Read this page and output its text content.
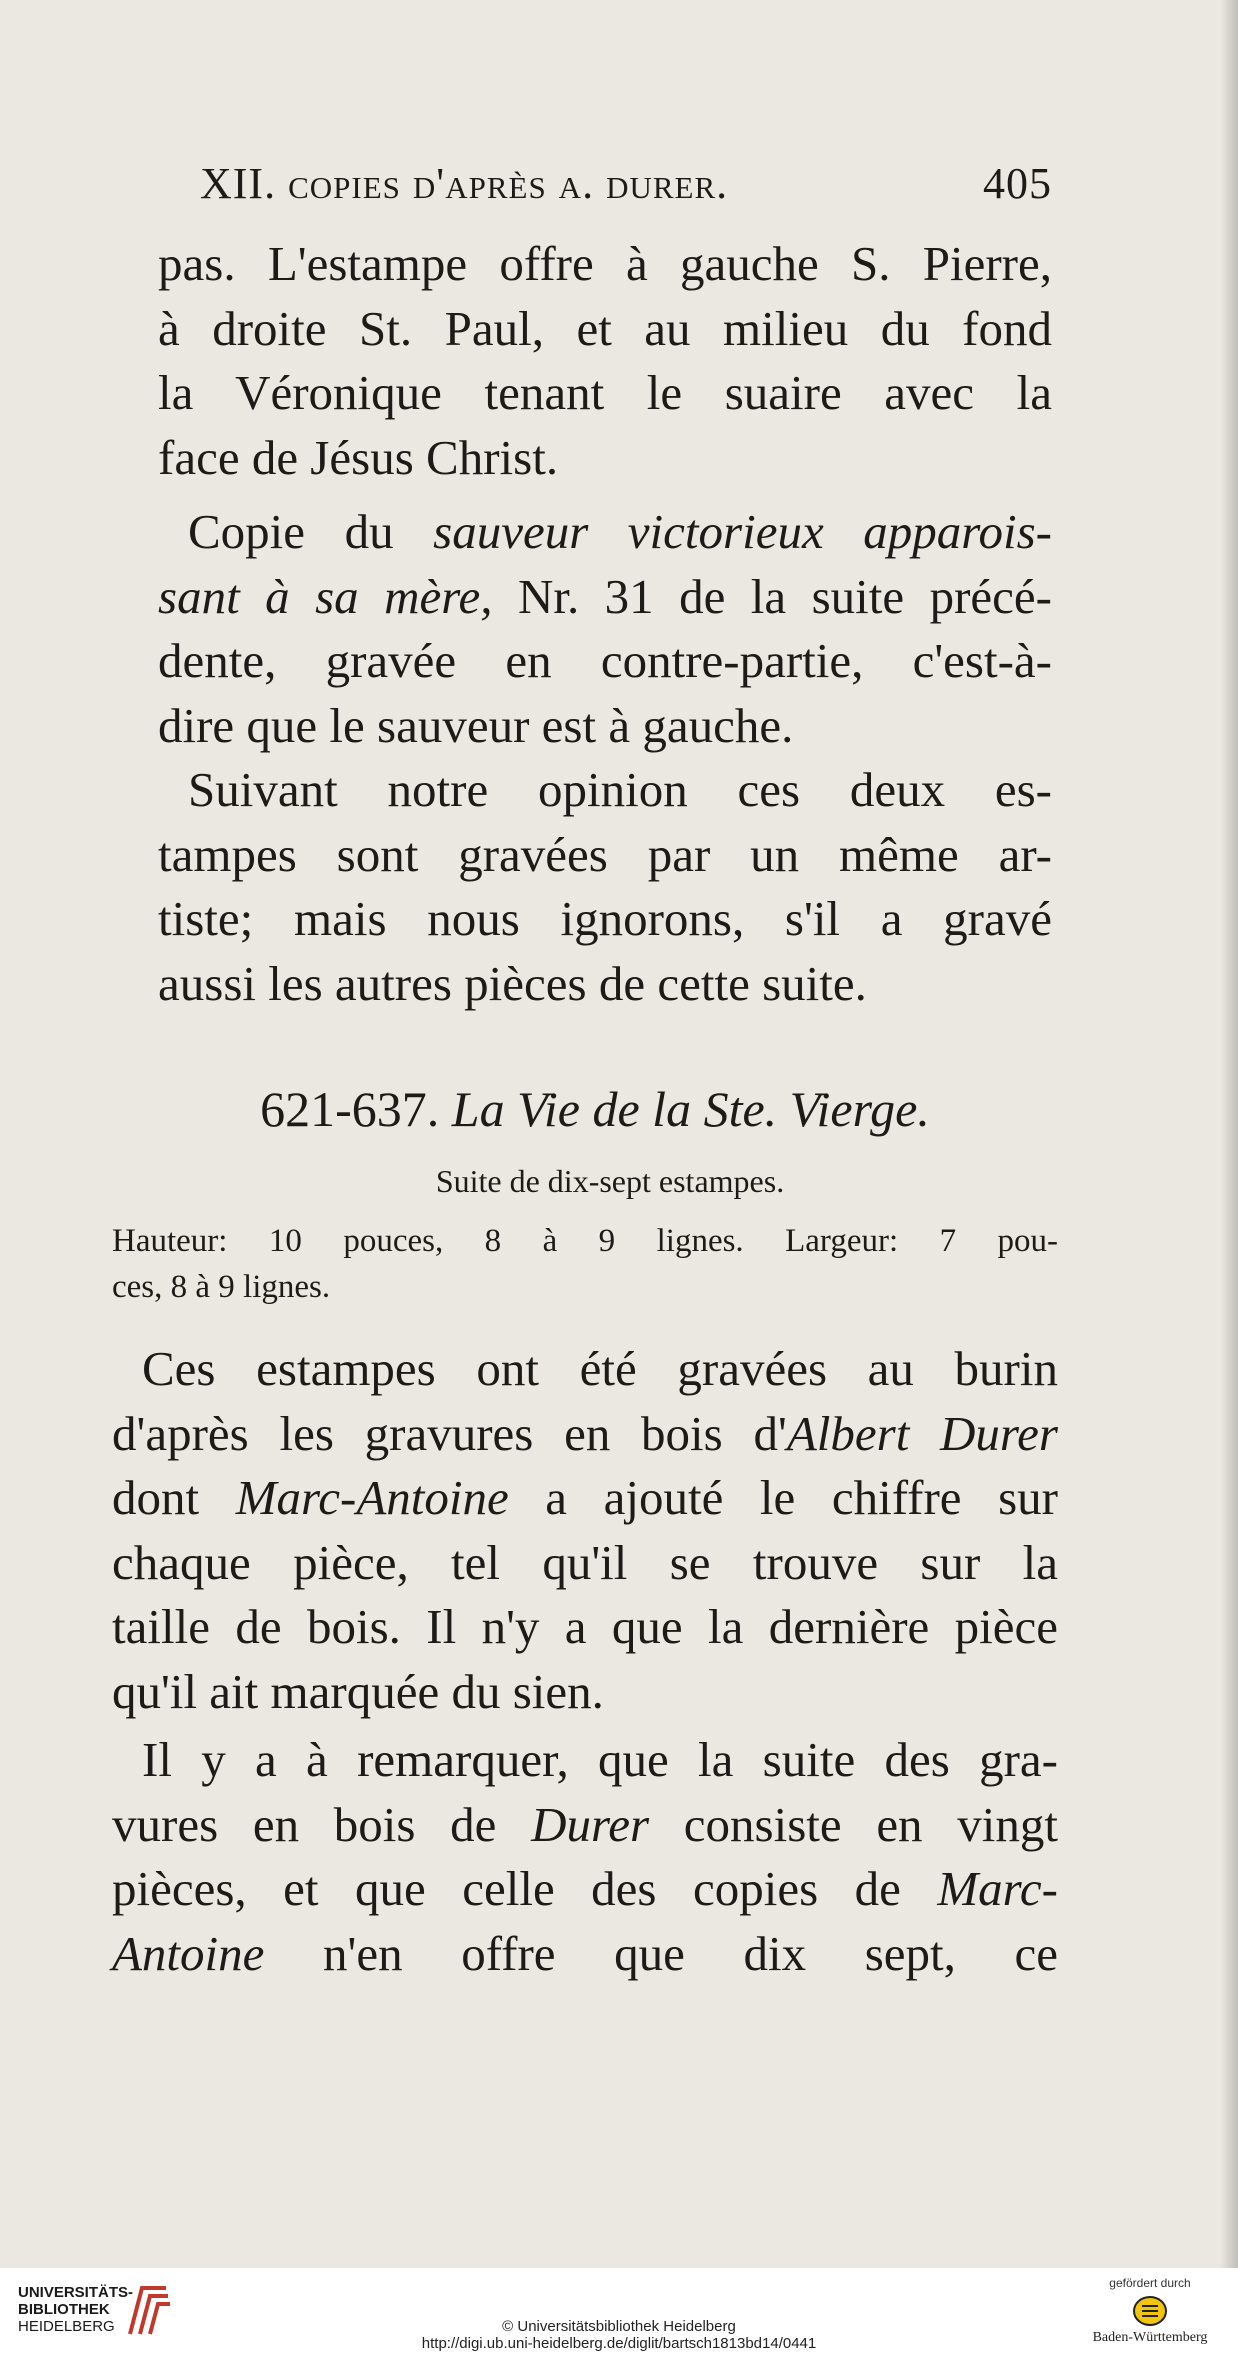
XII. copies d'après a. durer.	405
pas. L'estampe offre à gauche S. Pierre,
à droite St. Paul, et au milieu du fond
la Véronique tenant le suaire avec la
face de Jésus Christ.
Copie du sauveur victorieux apparois-
sant à sa mère, Nr. 31 de la suite précé-
dente, gravée en contre-partie, c'est-à-
dire que le sauveur est à gauche.
Suivant notre opinion ces deux es-
tampes sont gravées par un même ar-
tiste; mais nous ignorons, s'il a gravé
aussi les autres pièces de cette suite.
621-637. La Vie de la Ste. Vierge.
Suite de dix-sept estampes.
Hauteur: 10 pouces, 8 à 9 lignes. Largeur: 7 pou-
ces, 8 à 9 lignes.
Ces estampes ont été gravées au burin
d'après les gravures en bois d'Albert Durer
dont Marc-Antoine a ajouté le chiffre sur
chaque pièce, tel qu'il se trouve sur la
taille de bois. Il n'y a que la dernière pièce
qu'il ait marquée du sien.
Il y a à remarquer, que la suite des gra-
vures en bois de Durer consiste en vingt
pièces, et que celle des copies de Marc-
Antoine n'en offre que dix sept, ce
UNIVERSITÄTS-
BIBLIOTHEK
HEIDELBERG	© Universitätsbibliothek Heidelberg
http://digi.ub.uni-heidelberg.de/diglit/bartsch1813bd14/0441
gefördert durch
Baden-Württemberg
